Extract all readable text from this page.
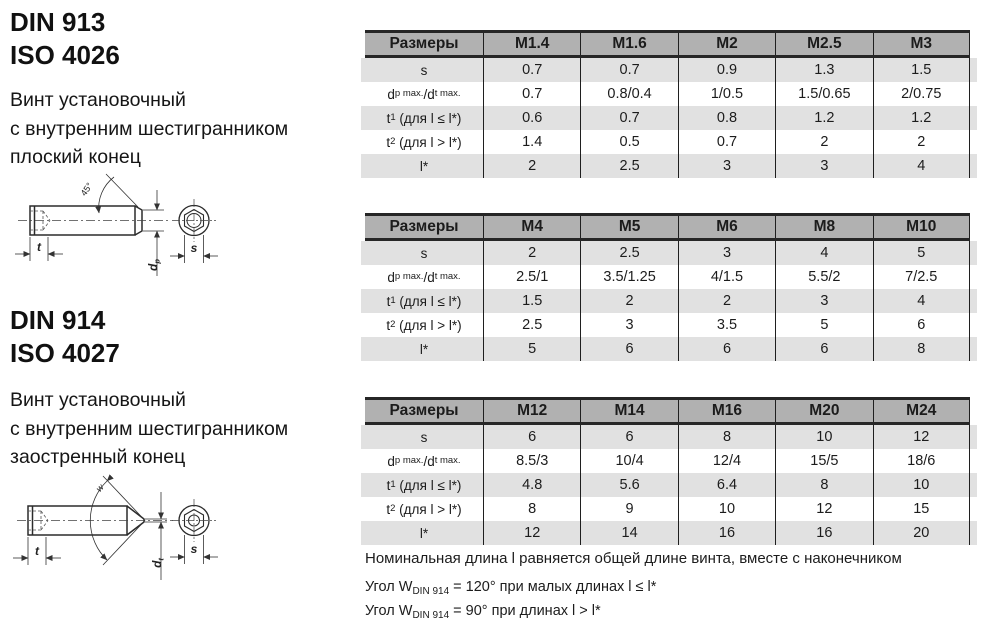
DIN 913
ISO 4026
Винт установочный
с внутренним шестигранником
плоский конец
45°
t
$d_p$
s
DIN 914
ISO 4027
Винт установочный
с внутренним шестигранником
заостренный конец
w
t
$d_t$
s
Размеры	M1.4	M1.6	M2	M2.5	M3
s	0.7	0.7	0.9	1.3	1.5
d p max. /d t max.	0.7	0.8/0.4	1/0.5	1.5/0.65	2/0.75
t 1 (для l ≤ l*)	0.6	0.7	0.8	1.2	1.2
t 2 (для l > l*)	1.4	0.5	0.7	2	2
l*	2	2.5	3	3	4
Размеры	M4	M5	M6	M8	M10
s	2	2.5	3	4	5
d p max. /d t max.	2.5/1	3.5/1.25	4/1.5	5.5/2	7/2.5
t 1 (для l ≤ l*)	1.5	2	2	3	4
t 2 (для l > l*)	2.5	3	3.5	5	6
l*	5	6	6	6	8
Размеры	M12	M14	M16	M20	M24
s	6	6	8	10	12
d p max. /d t max.	8.5/3	10/4	12/4	15/5	18/6
t 1 (для l ≤ l*)	4.8	5.6	6.4	8	10
t 2 (для l > l*)	8	9	10	12	15
l*	12	14	16	16	20
Номинальная длина l равняется общей длине винта, вместе с наконечником
Угол $W_{DIN 914} = 120^\circ$ при малых длинах l ≤ l*
Угол $W_{DIN 914} = 90^\circ$ при длинах l > l*
